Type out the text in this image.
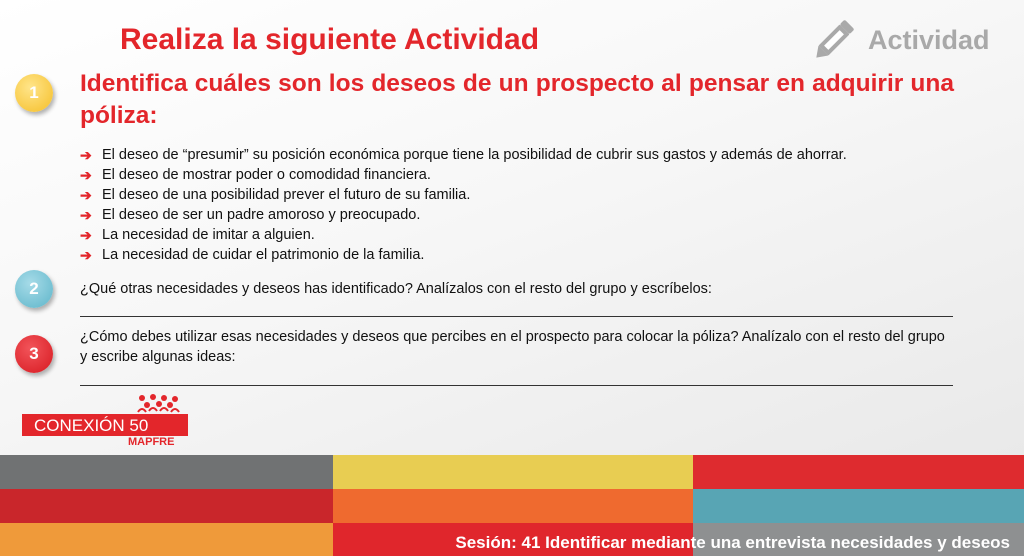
Realiza la siguiente Actividad	Actividad
1	Identifica cuáles son los deseos de un prospecto al pensar en adquirir una póliza:

➔ El deseo de “presumir” su posición económica porque tiene la posibilidad de cubrir sus gastos y además de ahorrar.
➔ El deseo de mostrar poder o comodidad financiera.
➔ El deseo de una posibilidad prever el futuro de su familia.
➔ El deseo de ser un padre amoroso y preocupado.
➔ La necesidad de imitar a alguien.
➔ La necesidad de cuidar el patrimonio de la familia.
2	¿Qué otras necesidades y deseos has identificado? Analízalos con el resto del grupo y escríbelos:

3

¿Cómo debes utilizar esas necesidades y deseos que percibes en el prospecto para colocar la póliza? Analízalo con el resto del grupo y escribe algunas ideas:

CONEXIÓN 50
MAPFRE
Sesión: 41 Identificar mediante una entrevista necesidades y deseos
